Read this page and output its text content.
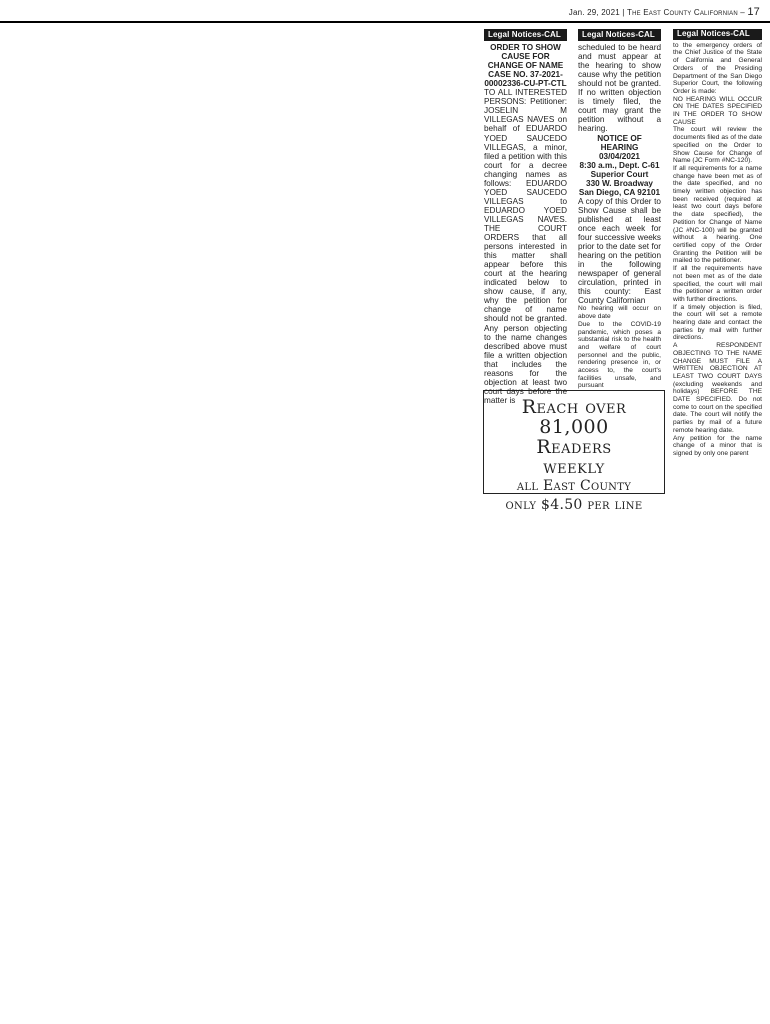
Jan. 29, 2021 | The East County Californian – 17
Legal Notices-CAL
ORDER TO SHOW CAUSE FOR CHANGE OF NAME
CASE NO. 37-2021-00002336-CU-PT-CTL
TO ALL INTERESTED PERSONS: Petitioner: JOSELIN M VILLEGAS NAVES on behalf of EDUARDO YOED SAUCEDO VILLEGAS, a minor, filed a petition with this court for a decree changing names as follows: EDUARDO YOED SAUCEDO VILLEGAS to EDUARDO YOED VILLEGAS NAVES. THE COURT ORDERS that all persons interested in this matter shall appear before this court at the hearing indicated below to show cause, if any, why the petition for change of name should not be granted. Any person objecting to the name changes described above must file a written objection that includes the reasons for the objection at least two court days before the matter is
Legal Notices-CAL
scheduled to be heard and must appear at the hearing to show cause why the petition should not be granted. If no written objection is timely filed, the court may grant the petition without a hearing.
NOTICE OF HEARING
03/04/2021
8:30 a.m., Dept. C-61
Superior Court
330 W. Broadway
San Diego, CA 92101
A copy of this Order to Show Cause shall be published at least once each week for four successive weeks prior to the date set for hearing on the petition in the following newspaper of general circulation, printed in this county: East County Californian
No hearing will occur on above date
Due to the COVID-19 pandemic, which poses a substantial risk to the health and welfare of court personnel and the public, rendering presence in, or access to, the court's facilities unsafe, and pursuant
Legal Notices-CAL
to the emergency orders of the Chief Justice of the State of California and General Orders of the Presiding Department of the San Diego Superior Court, the following Order is made:
NO HEARING WILL OCCUR ON THE DATES SPECIFIED IN THE ORDER TO SHOW CAUSE
The court will review the documents filed as of the date specified on the Order to Show Cause for Change of Name (JC Form #NC-120).
If all requirements for a name change have been met as of the date specified, and no timely written objection has been received (required at least two court days before the date specified), the Petition for Change of Name (JC #NC-100) will be granted without a hearing. One certified copy of the Order Granting the Petition will be mailed to the petitioner.
If all the requirements have not been met as of the date specified, the court will mail the petitioner a written order with further directions.
If a timely objection is filed, the court will set a remote hearing date and contact the parties by mail with further directions.
A RESPONDENT OBJECTING TO THE NAME CHANGE MUST FILE A WRITTEN OBJECTION AT LEAST TWO COURT DAYS (excluding weekends and holidays) BEFORE THE DATE SPECIFIED. Do not come to court on the specified date. The court will notify the parties by mail of a future remote hearing date.
Any petition for the name change of a minor that is signed by only one parent
Reach over
81,000
Readers
weekly
all East County
only $4.50 per line
